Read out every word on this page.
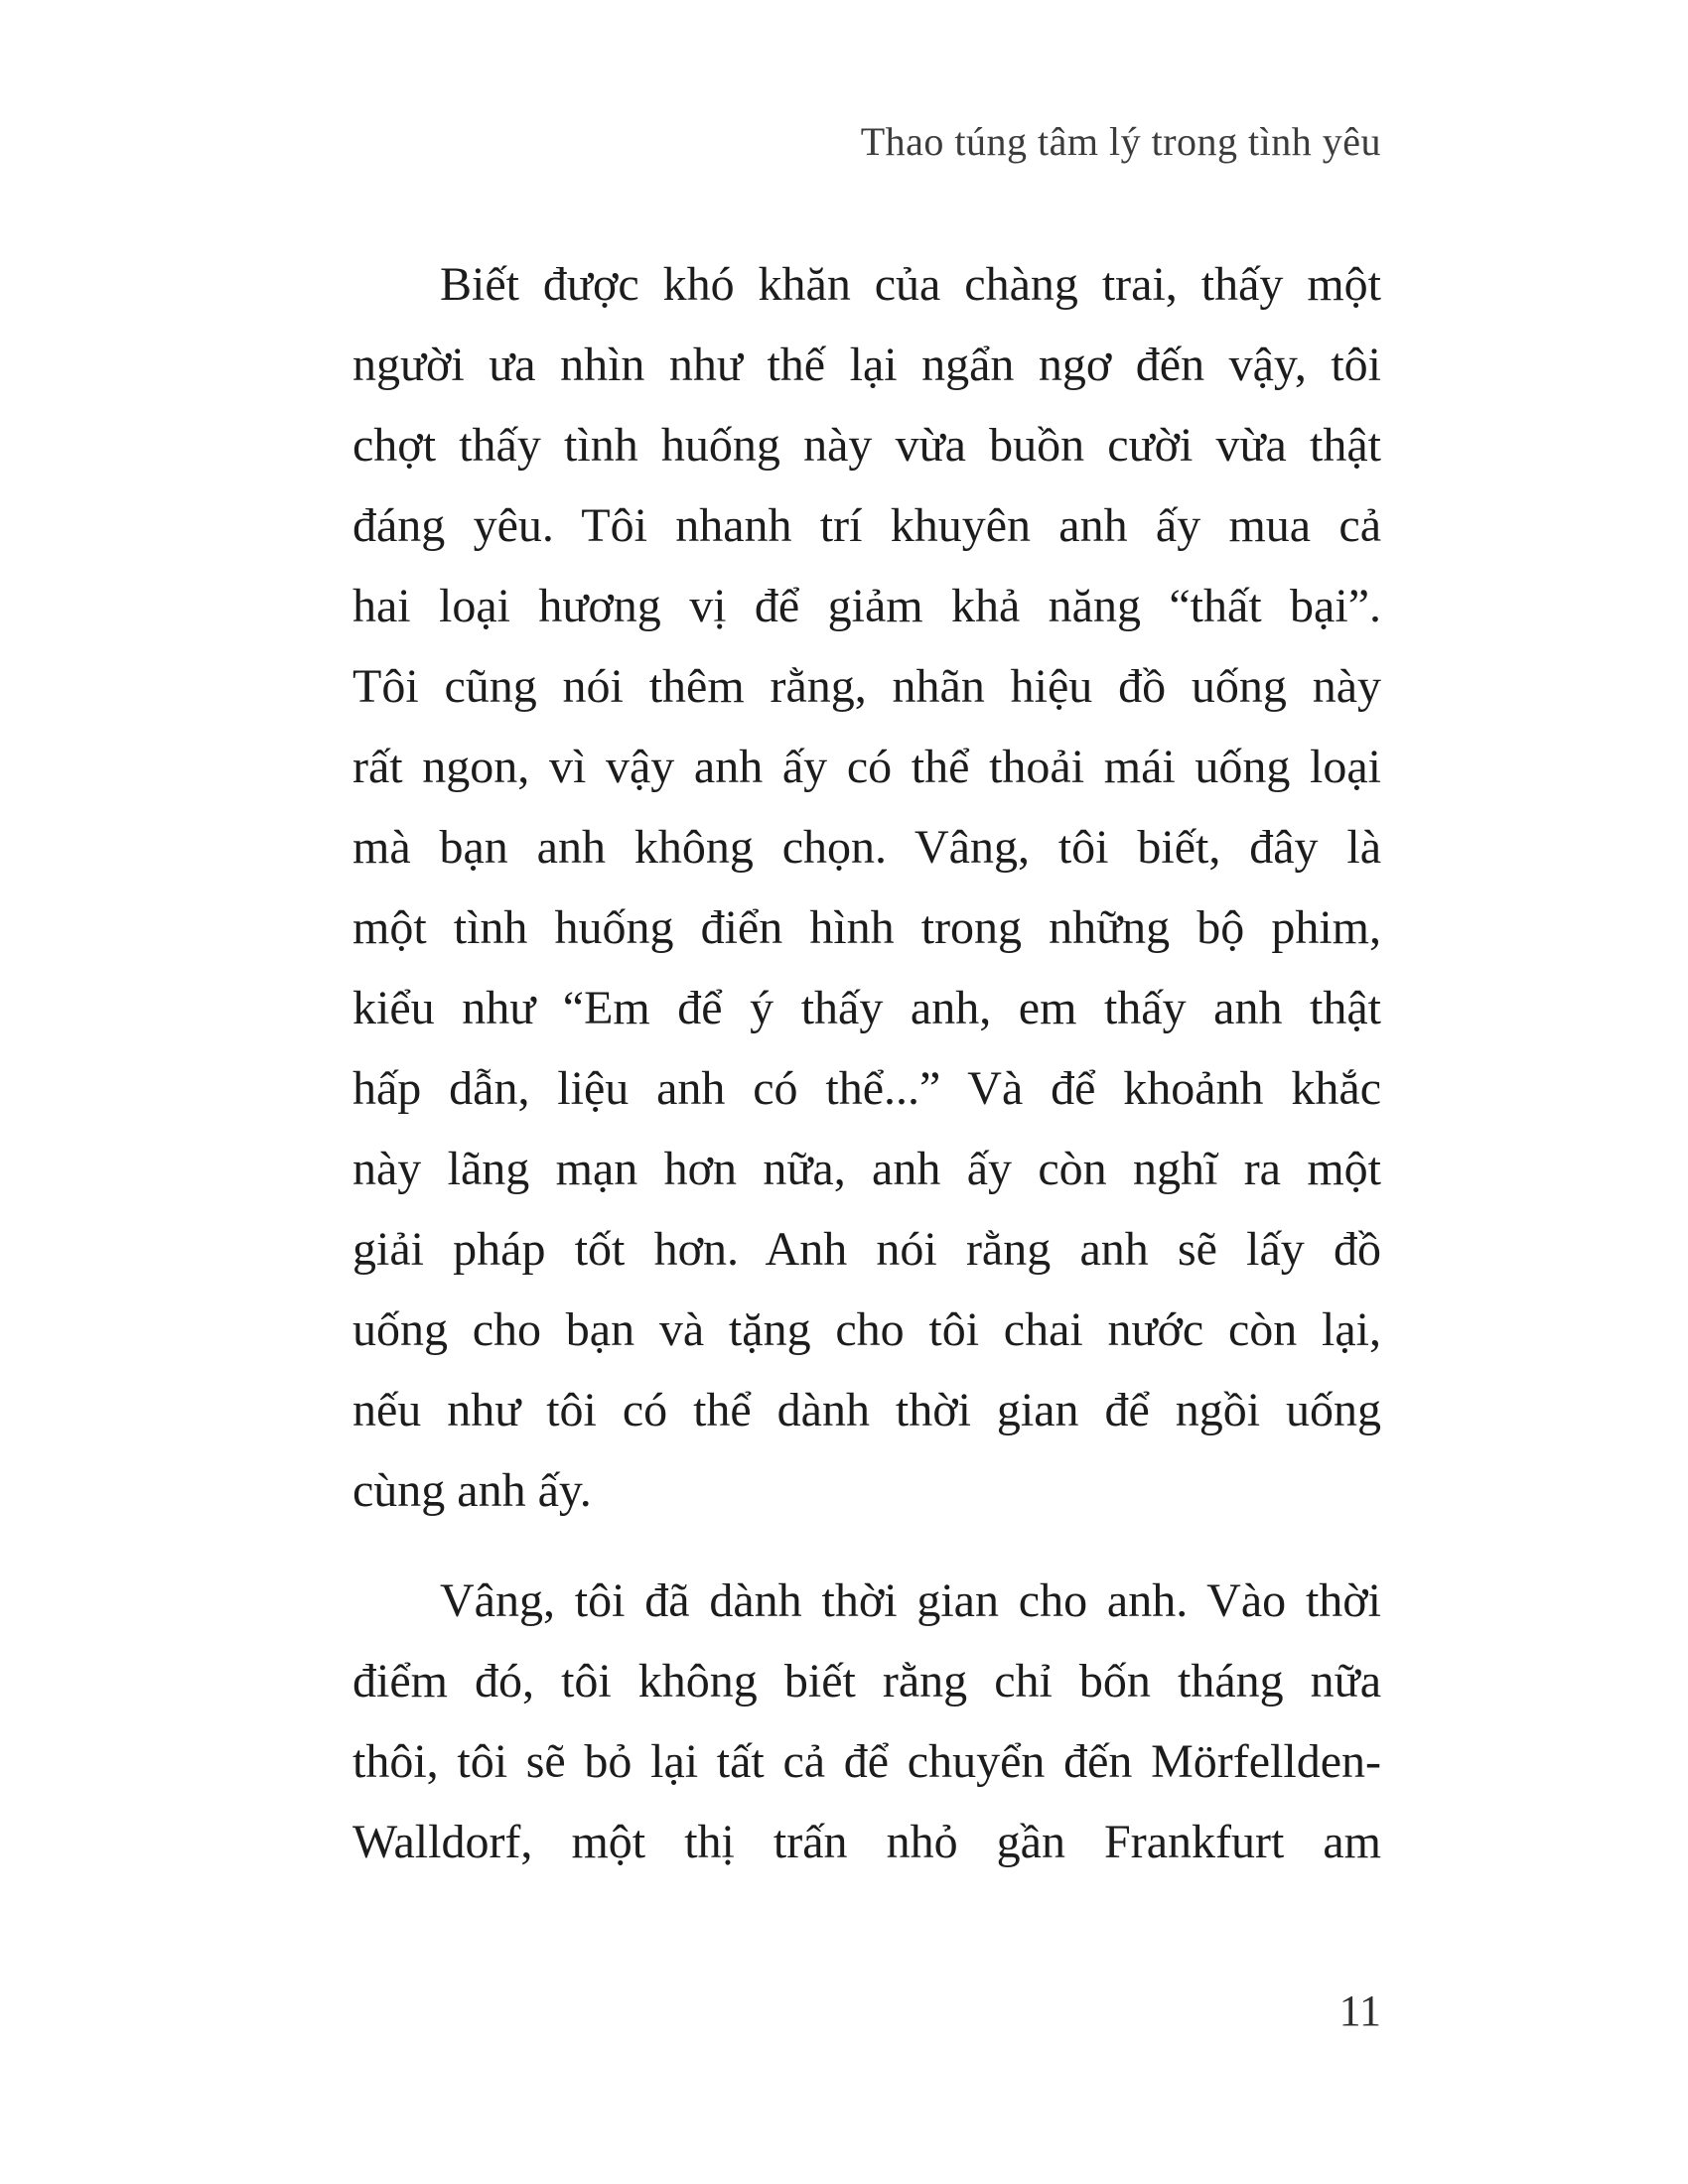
Thao túng tâm lý trong tình yêu
Biết được khó khăn của chàng trai, thấy một
người ưa nhìn như thế lại ngẩn ngơ đến vậy, tôi
chợt thấy tình huống này vừa buồn cười vừa thật
đáng yêu. Tôi nhanh trí khuyên anh ấy mua cả
hai loại hương vị để giảm khả năng “thất bại”.
Tôi cũng nói thêm rằng, nhãn hiệu đồ uống này
rất ngon, vì vậy anh ấy có thể thoải mái uống loại
mà bạn anh không chọn. Vâng, tôi biết, đây là
một tình huống điển hình trong những bộ phim,
kiểu như “Em để ý thấy anh, em thấy anh thật
hấp dẫn, liệu anh có thể...” Và để khoảnh khắc
này lãng mạn hơn nữa, anh ấy còn nghĩ ra một
giải pháp tốt hơn. Anh nói rằng anh sẽ lấy đồ
uống cho bạn và tặng cho tôi chai nước còn lại,
nếu như tôi có thể dành thời gian để ngồi uống
cùng anh ấy.
Vâng, tôi đã dành thời gian cho anh. Vào thời
điểm đó, tôi không biết rằng chỉ bốn tháng nữa
thôi, tôi sẽ bỏ lại tất cả để chuyển đến Mörfellden-
Walldorf, một thị trấn nhỏ gần Frankfurt am
11
